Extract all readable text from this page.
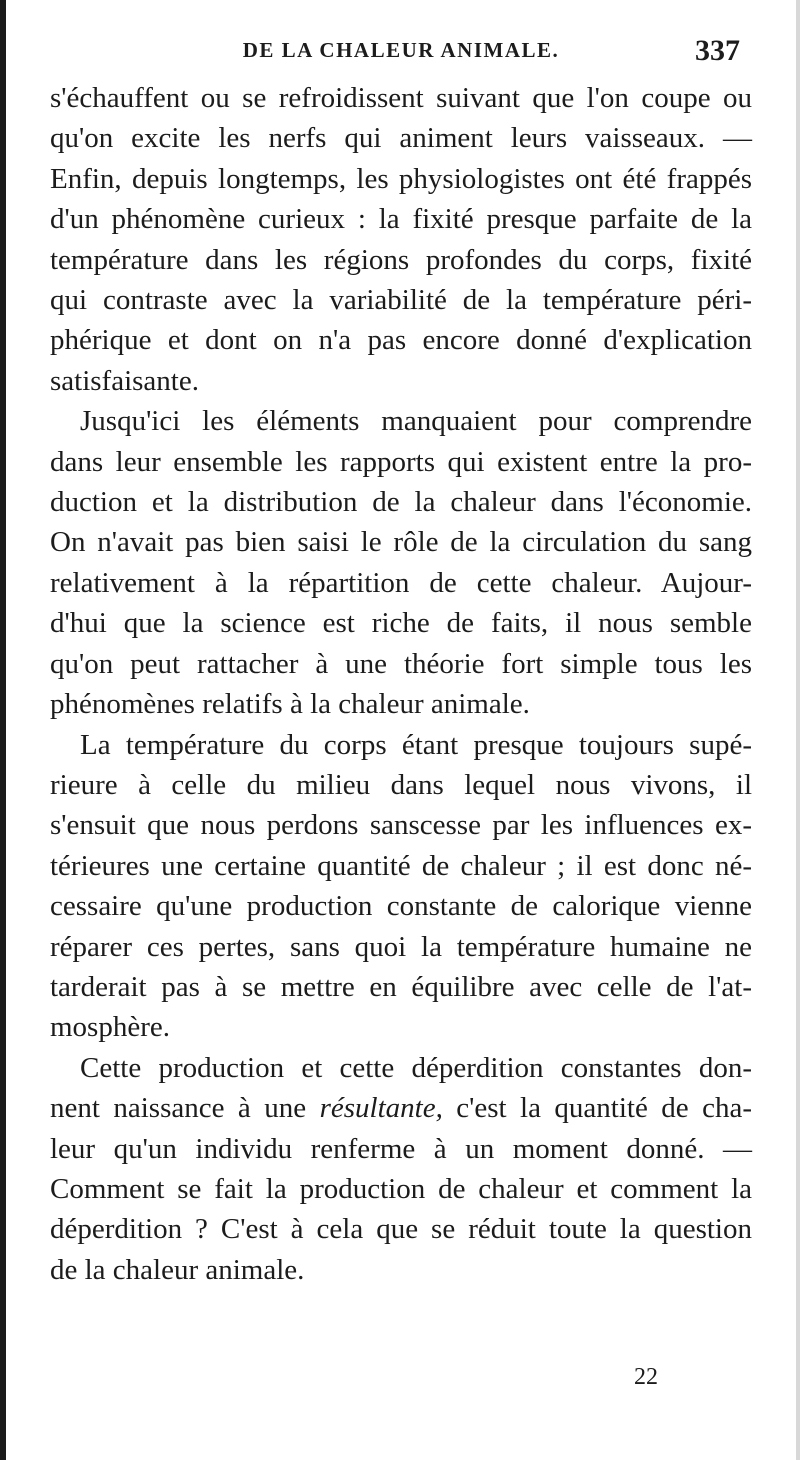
DE LA CHALEUR ANIMALE.	337

s'échauffent ou se refroidissent suivant que l'on coupe ou
qu'on excite les nerfs qui animent leurs vaisseaux. —
Enfin, depuis longtemps, les physiologistes ont été frappés
d'un phénomène curieux : la fixité presque parfaite de la
température dans les régions profondes du corps, fixité
qui contraste avec la variabilité de la température péri-
phérique et dont on n'a pas encore donné d'explication
satisfaisante.

Jusqu'ici les éléments manquaient pour comprendre
dans leur ensemble les rapports qui existent entre la pro-
duction et la distribution de la chaleur dans l'économie.
On n'avait pas bien saisi le rôle de la circulation du sang
relativement à la répartition de cette chaleur. Aujour-
d'hui que la science est riche de faits, il nous semble
qu'on peut rattacher à une théorie fort simple tous les
phénomènes relatifs à la chaleur animale.

La température du corps étant presque toujours supé-
rieure à celle du milieu dans lequel nous vivons, il
s'ensuit que nous perdons sanscesse par les influences ex-
térieures une certaine quantité de chaleur ; il est donc né-
cessaire qu'une production constante de calorique vienne
réparer ces pertes, sans quoi la température humaine ne
tarderait pas à se mettre en équilibre avec celle de l'at-
mosphère.

Cette production et cette déperdition constantes don-
nent naissance à une résultante, c'est la quantité de cha-
leur qu'un individu renferme à un moment donné. —
Comment se fait la production de chaleur et comment la
déperdition ? C'est à cela que se réduit toute la question
de la chaleur animale.

22
